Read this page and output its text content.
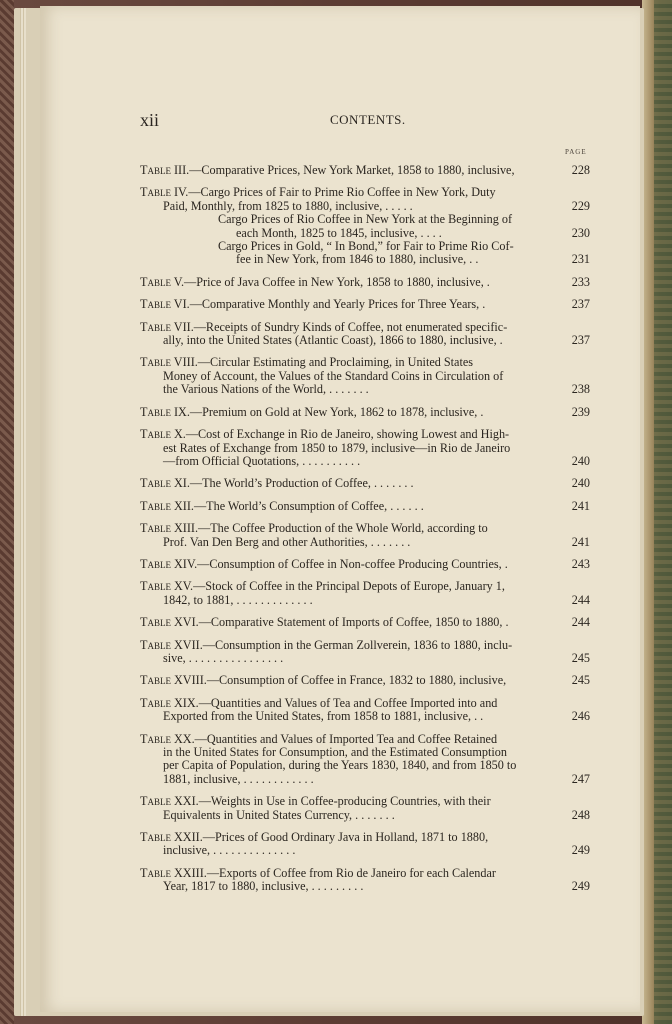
xii	CONTENTS.
PAGE
Table III.—Comparative Prices, New York Market, 1858 to 1880, inclusive,	228
Table IV.—Cargo Prices of Fair to Prime Rio Coffee in New York, Duty
Paid, Monthly, from 1825 to 1880, inclusive, . . . . .	229
Cargo Prices of Rio Coffee in New York at the Beginning of
each Month, 1825 to 1845, inclusive, . . . .	230
Cargo Prices in Gold, “ In Bond,” for Fair to Prime Rio Cof-
fee in New York, from 1846 to 1880, inclusive, . .	231
Table V.—Price of Java Coffee in New York, 1858 to 1880, inclusive, .	233
Table VI.—Comparative Monthly and Yearly Prices for Three Years, .	237
Table VII.—Receipts of Sundry Kinds of Coffee, not enumerated specific-
ally, into the United States (Atlantic Coast), 1866 to 1880, inclusive, .	237
Table VIII.—Circular Estimating and Proclaiming, in United States
Money of Account, the Values of the Standard Coins in Circulation of
the Various Nations of the World, . . . . . . .	238
Table IX.—Premium on Gold at New York, 1862 to 1878, inclusive, .	239
Table X.—Cost of Exchange in Rio de Janeiro, showing Lowest and High-
est Rates of Exchange from 1850 to 1879, inclusive—in Rio de Janeiro
—from Official Quotations, . . . . . . . . . .	240
Table XI.—The World’s Production of Coffee, . . . . . . .	240
Table XII.—The World’s Consumption of Coffee, . . . . . .	241
Table XIII.—The Coffee Production of the Whole World, according to
Prof. Van Den Berg and other Authorities, . . . . . . .	241
Table XIV.—Consumption of Coffee in Non-coffee Producing Countries, .	243
Table XV.—Stock of Coffee in the Principal Depots of Europe, January 1,
1842, to 1881, . . . . . . . . . . . . .	244
Table XVI.—Comparative Statement of Imports of Coffee, 1850 to 1880, .	244
Table XVII.—Consumption in the German Zollverein, 1836 to 1880, inclu-
sive, . . . . . . . . . . . . . . . .	245
Table XVIII.—Consumption of Coffee in France, 1832 to 1880, inclusive,	245
Table XIX.—Quantities and Values of Tea and Coffee Imported into and
Exported from the United States, from 1858 to 1881, inclusive, . .	246
Table XX.—Quantities and Values of Imported Tea and Coffee Retained
in the United States for Consumption, and the Estimated Consumption
per Capita of Population, during the Years 1830, 1840, and from 1850 to
1881, inclusive, . . . . . . . . . . . .	247
Table XXI.—Weights in Use in Coffee-producing Countries, with their
Equivalents in United States Currency, . . . . . . .	248
Table XXII.—Prices of Good Ordinary Java in Holland, 1871 to 1880,
inclusive, . . . . . . . . . . . . . .	249
Table XXIII.—Exports of Coffee from Rio de Janeiro for each Calendar
Year, 1817 to 1880, inclusive, . . . . . . . . .	249
